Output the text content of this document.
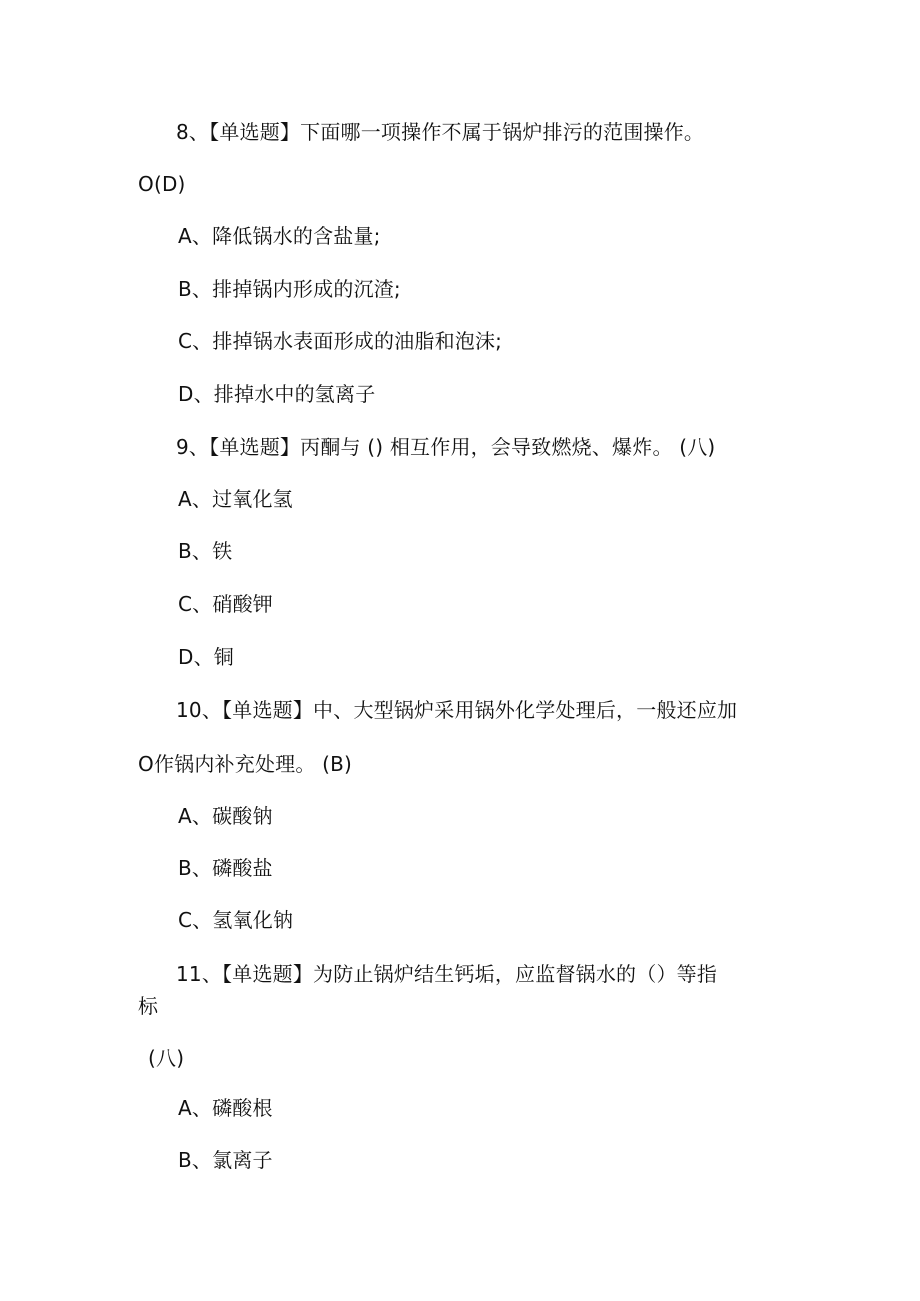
8、【单选题】下面哪一项操作不属于锅炉排污的范围操作。
O(D)
A、降低锅水的含盐量;
B、排掉锅内形成的沉渣;
C、排掉锅水表面形成的油脂和泡沫;
D、排掉水中的氢离子
9、【单选题】丙酮与 () 相互作用，会导致燃烧、爆炸。 (八)
A、过氧化氢
B、铁
C、硝酸钾
D、铜
10、【单选题】中、大型锅炉采用锅外化学处理后，一般还应加
O作锅内补充处理。 (B)
A、碳酸钠
B、磷酸盐
C、氢氧化钠
11、【单选题】为防止锅炉结生钙垢，应监督锅水的（）等指
标
(八)
A、磷酸根
B、氯离子
